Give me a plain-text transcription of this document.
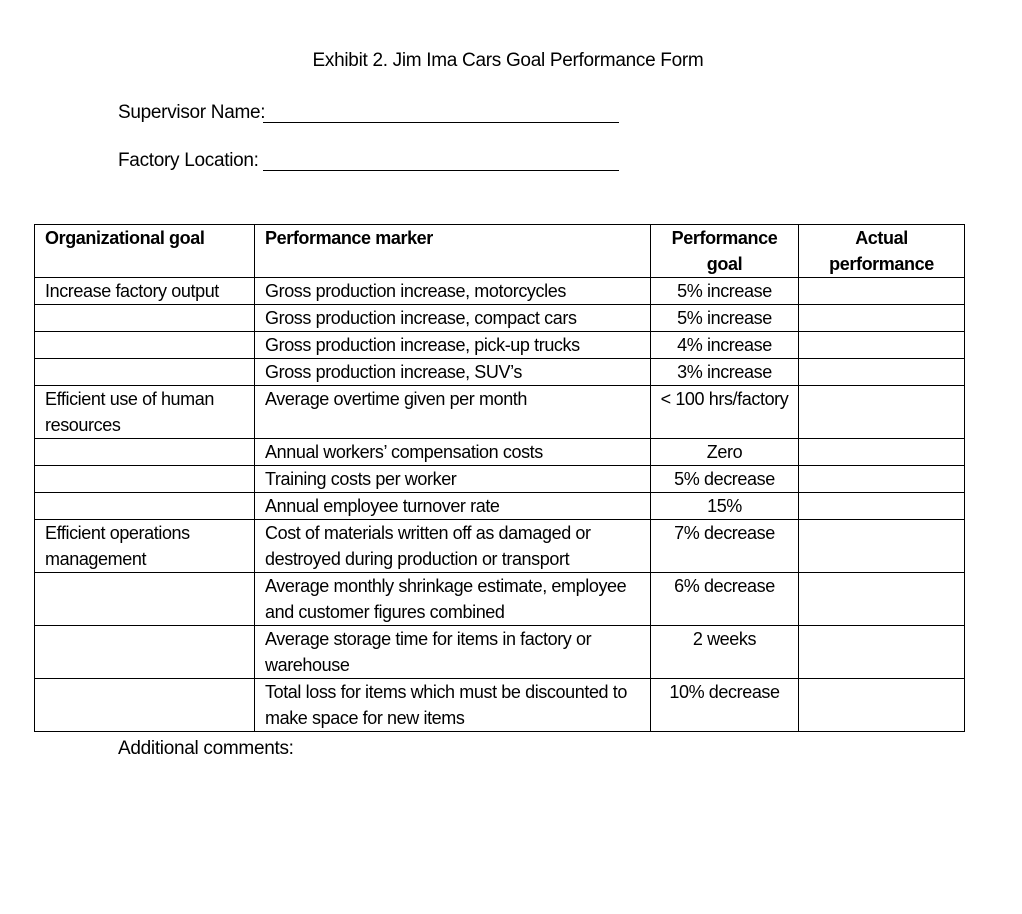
Exhibit 2. Jim Ima Cars Goal Performance Form
Supervisor Name:
Factory Location:
Organizational goal	Performance marker	Performance goal	Actual performance
Increase factory output	Gross production increase, motorcycles	5% increase	
	Gross production increase, compact cars	5% increase	
	Gross production increase, pick-up trucks	4% increase	
	Gross production increase, SUV’s	3% increase	
Efficient use of human resources	Average overtime given per month	< 100 hrs/factory	
	Annual workers’ compensation costs	Zero	
	Training costs per worker	5% decrease	
	Annual employee turnover rate	15%	
Efficient operations management	Cost of materials written off as damaged or destroyed during production or transport	7% decrease	
	Average monthly shrinkage estimate, employee and customer figures combined	6% decrease	
	Average storage time for items in factory or warehouse	2 weeks	
	Total loss for items which must be discounted to make space for new items	10% decrease	
Additional comments:
